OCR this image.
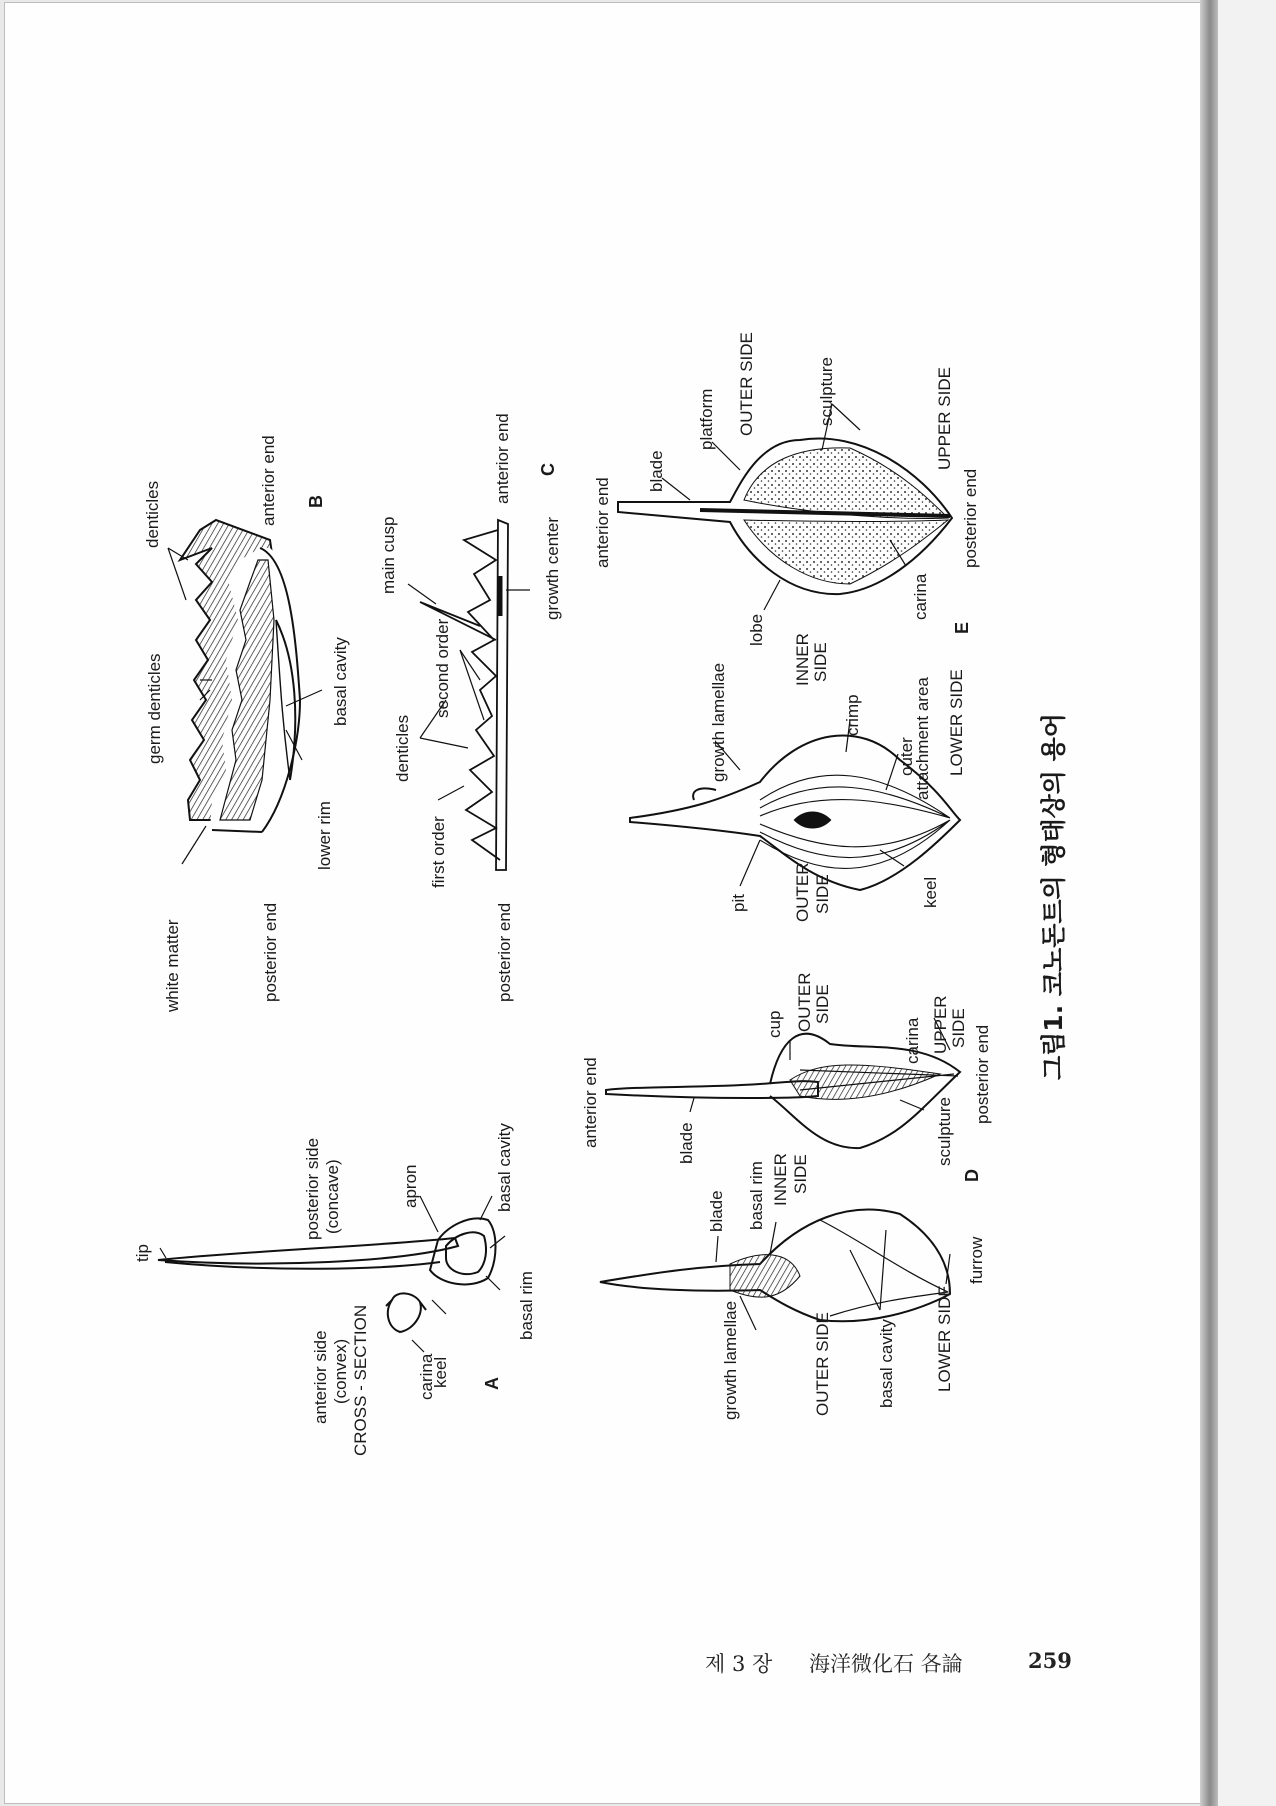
tip
posterior side (concave)	apron	basal cavity
basal rim
anterior side (convex) CROSS - SECTION	keel
carina	A
denticles	anterior end B
germ denticles	basal cavity
lower rim
white matter	posterior end
main cusp
anterior end C
growth center
second order
denticles
first order
posterior end
anterior end	blade
cup OUTER SIDE
carina UPPER SIDE posterior end
sculpture
D
basal rim INNER SIDE
blade
growth lamellae	OUTER SIDE	basal cavity LOWER SIDE
furrow
anterior end
blade
platform OUTER SIDE	sculpture	UPPER SIDE
posterior end
carina
E
lobe
INNER SIDE
growth lamellae	crimp
outer
attachment area LOWER SIDE
pit	OUTER SIDE	keel	그림1. 코노돈트의 형태상의 용어
제 3 장 海洋微化石 各論	259
